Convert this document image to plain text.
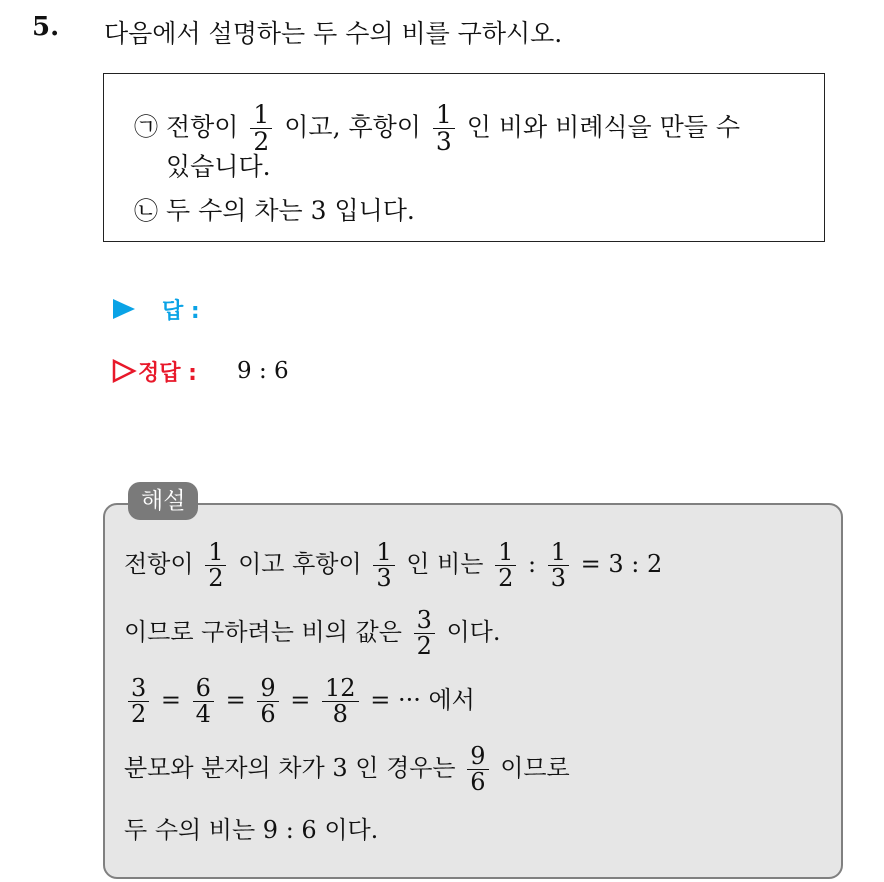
5. 다음에서 설명하는 두 수의 비를 구하시오.
㉠ 전항이 $\frac{1}{2}$ 이고, 후항이 $\frac{1}{3}$ 인 비와 비례식을 만들 수
있습니다.
㉡ 두 수의 차는 3 입니다.
답 :
정답 : 9 : 6
해설
전항이 $\frac{1}{2}$ 이고 후항이 $\frac{1}{3}$ 인 비는 $\frac{1}{2}$ : $\frac{1}{3} = 3$ : 2
이므로 구하려는 비의 값은 $\frac{3}{2}$ 이다.
$\frac{3}{2} = \frac{6}{4} = \frac{9}{6} = \frac{12}{8}$ = ··· 에서
분모와 분자의 차가 3 인 경우는 $\frac{9}{6}$ 이므로
두 수의 비는 9 : 6 이다.
